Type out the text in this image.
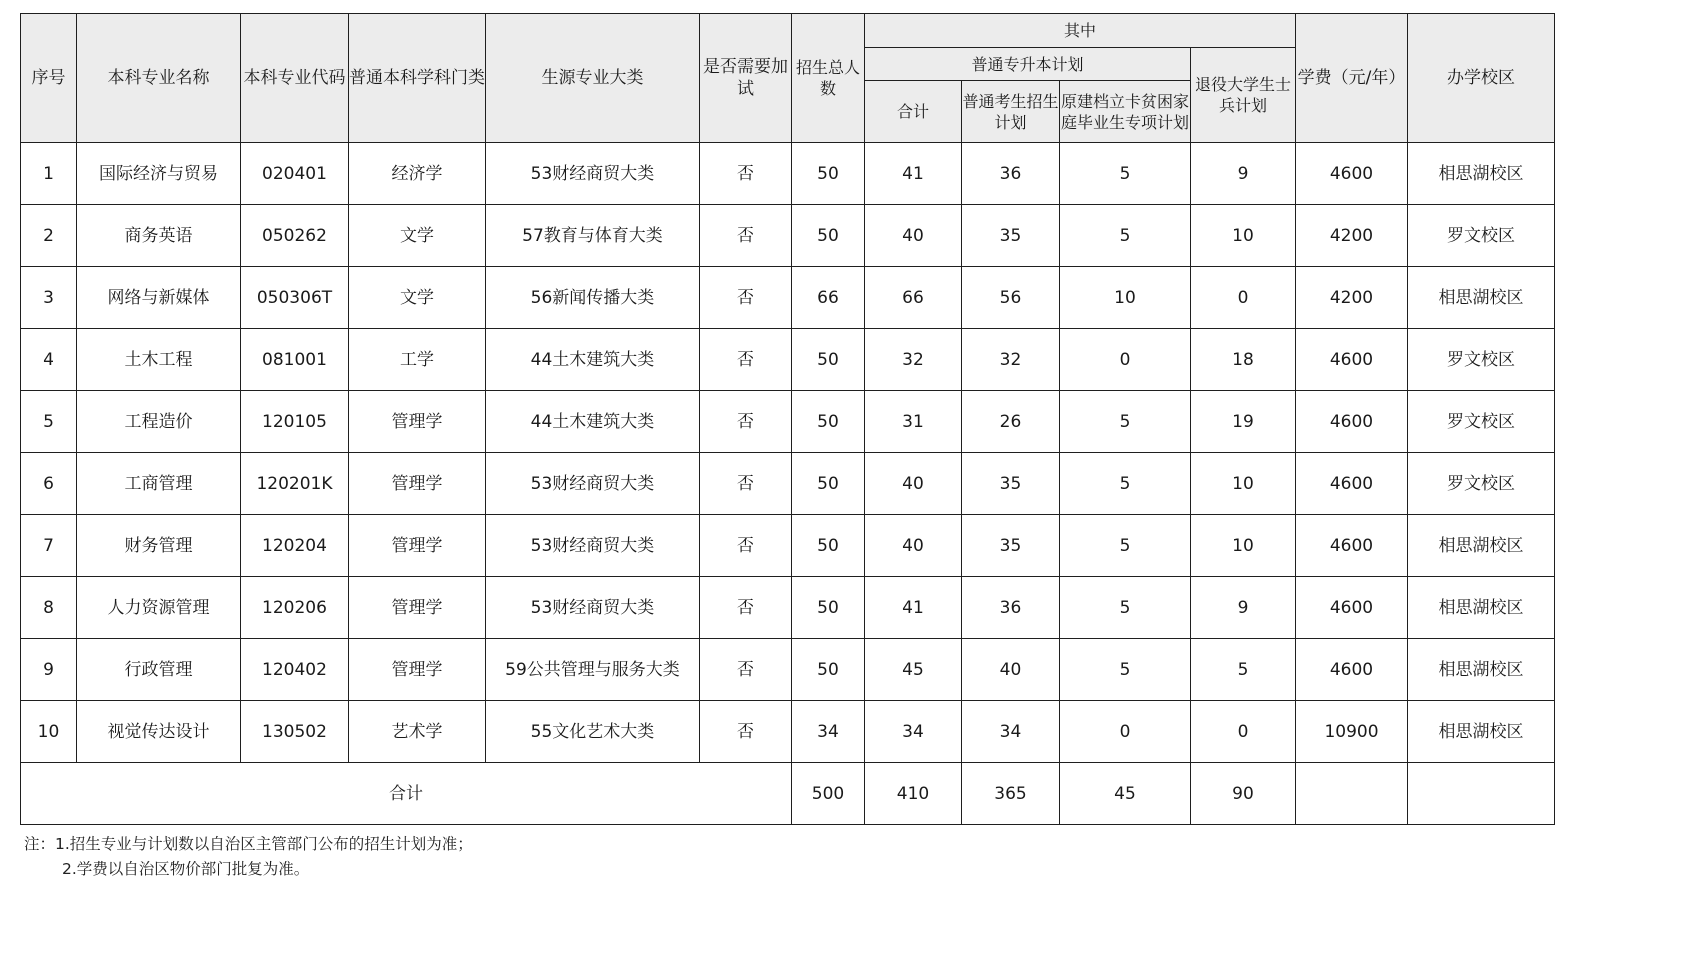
序号	本科专业名称	本科专业代码	普通本科学科门类	生源专业大类	是否需要加试	招生总人数	其中				学费（元/年）	办学校区
							普通专升本计划			退役大学生士兵计划		
							合计	普通考生招生计划	原建档立卡贫困家庭毕业生专项计划			
1	国际经济与贸易	020401	经济学	53财经商贸大类	否	50	41	36	5	9	4600	相思湖校区
2	商务英语	050262	文学	57教育与体育大类	否	50	40	35	5	10	4200	罗文校区
3	网络与新媒体	050306T	文学	56新闻传播大类	否	66	66	56	10	0	4200	相思湖校区
4	土木工程	081001	工学	44土木建筑大类	否	50	32	32	0	18	4600	罗文校区
5	工程造价	120105	管理学	44土木建筑大类	否	50	31	26	5	19	4600	罗文校区
6	工商管理	120201K	管理学	53财经商贸大类	否	50	40	35	5	10	4600	罗文校区
7	财务管理	120204	管理学	53财经商贸大类	否	50	40	35	5	10	4600	相思湖校区
8	人力资源管理	120206	管理学	53财经商贸大类	否	50	41	36	5	9	4600	相思湖校区
9	行政管理	120402	管理学	59公共管理与服务大类	否	50	45	40	5	5	4600	相思湖校区
10	视觉传达设计	130502	艺术学	55文化艺术大类	否	34	34	34	0	0	10900	相思湖校区
合计						500	410	365	45	90		
注：1.招生专业与计划数以自治区主管部门公布的招生计划为准；
2.学费以自治区物价部门批复为准。
